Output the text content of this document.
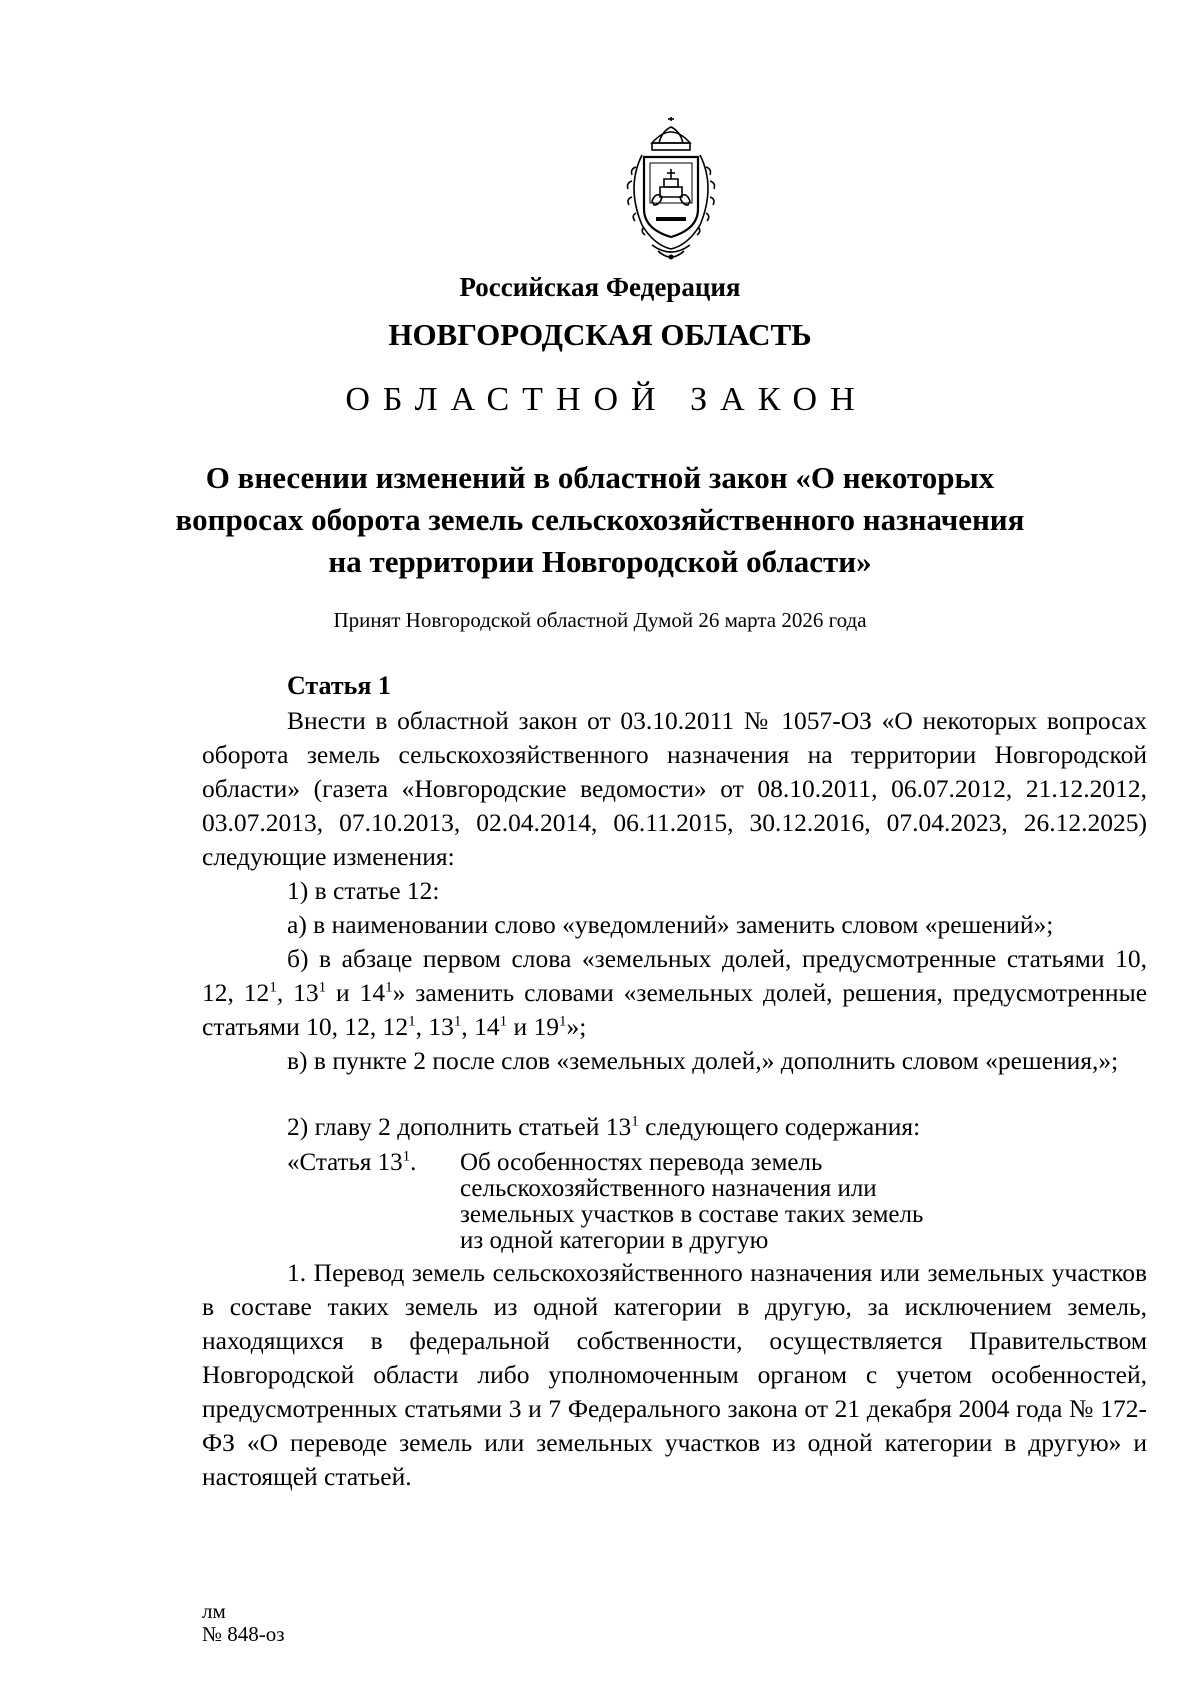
Российская Федерация
НОВГОРОДСКАЯ ОБЛАСТЬ
ОБЛАСТНОЙ ЗАКОН
О внесении изменений в областной закон «О некоторых
вопросах оборота земель сельскохозяйственного назначения
на территории Новгородской области»
Принят Новгородской областной Думой 26 марта 2026 года
Статья 1

Внести в областной закон от 03.10.2011 № 1057-ОЗ «О некоторых вопросах оборота земель сельскохозяйственного назначения на территории Новгородской области» (газета «Новгородские ведомости» от 08.10.2011, 06.07.2012, 21.12.2012, 03.07.2013, 07.10.2013, 02.04.2014, 06.11.2015, 30.12.2016, 07.04.2023, 26.12.2025) следующие изменения:

1) в статье 12:

а) в наименовании слово «уведомлений» заменить словом «решений»;

б) в абзаце первом слова «земельных долей, предусмотренные статьями 10, 12, $12^1$, $13^1$ и $14^1$» заменить словами «земельных долей, решения, предусмотренные статьями 10, 12, $12^1$, $13^1$, $14^1$ и $19^1$»;

в) в пункте 2 после слов «земельных долей,» дополнить словом «решения,»;

2) главу 2 дополнить статьей $13^1$ следующего содержания:

«Статья $13^1$. Об особенностях перевода земель
сельскохозяйственного назначения или
земельных участков в составе таких земель
из одной категории в другую

1. Перевод земель сельскохозяйственного назначения или земельных участков в составе таких земель из одной категории в другую, за исключением земель, находящихся в федеральной собственности, осуществляется Правительством Новгородской области либо уполномоченным органом с учетом особенностей, предусмотренных статьями 3 и 7 Федерального закона от 21 декабря 2004 года № 172-ФЗ «О переводе земель или земельных участков из одной категории в другую» и настоящей статьей.

лм
№ 848-оз
